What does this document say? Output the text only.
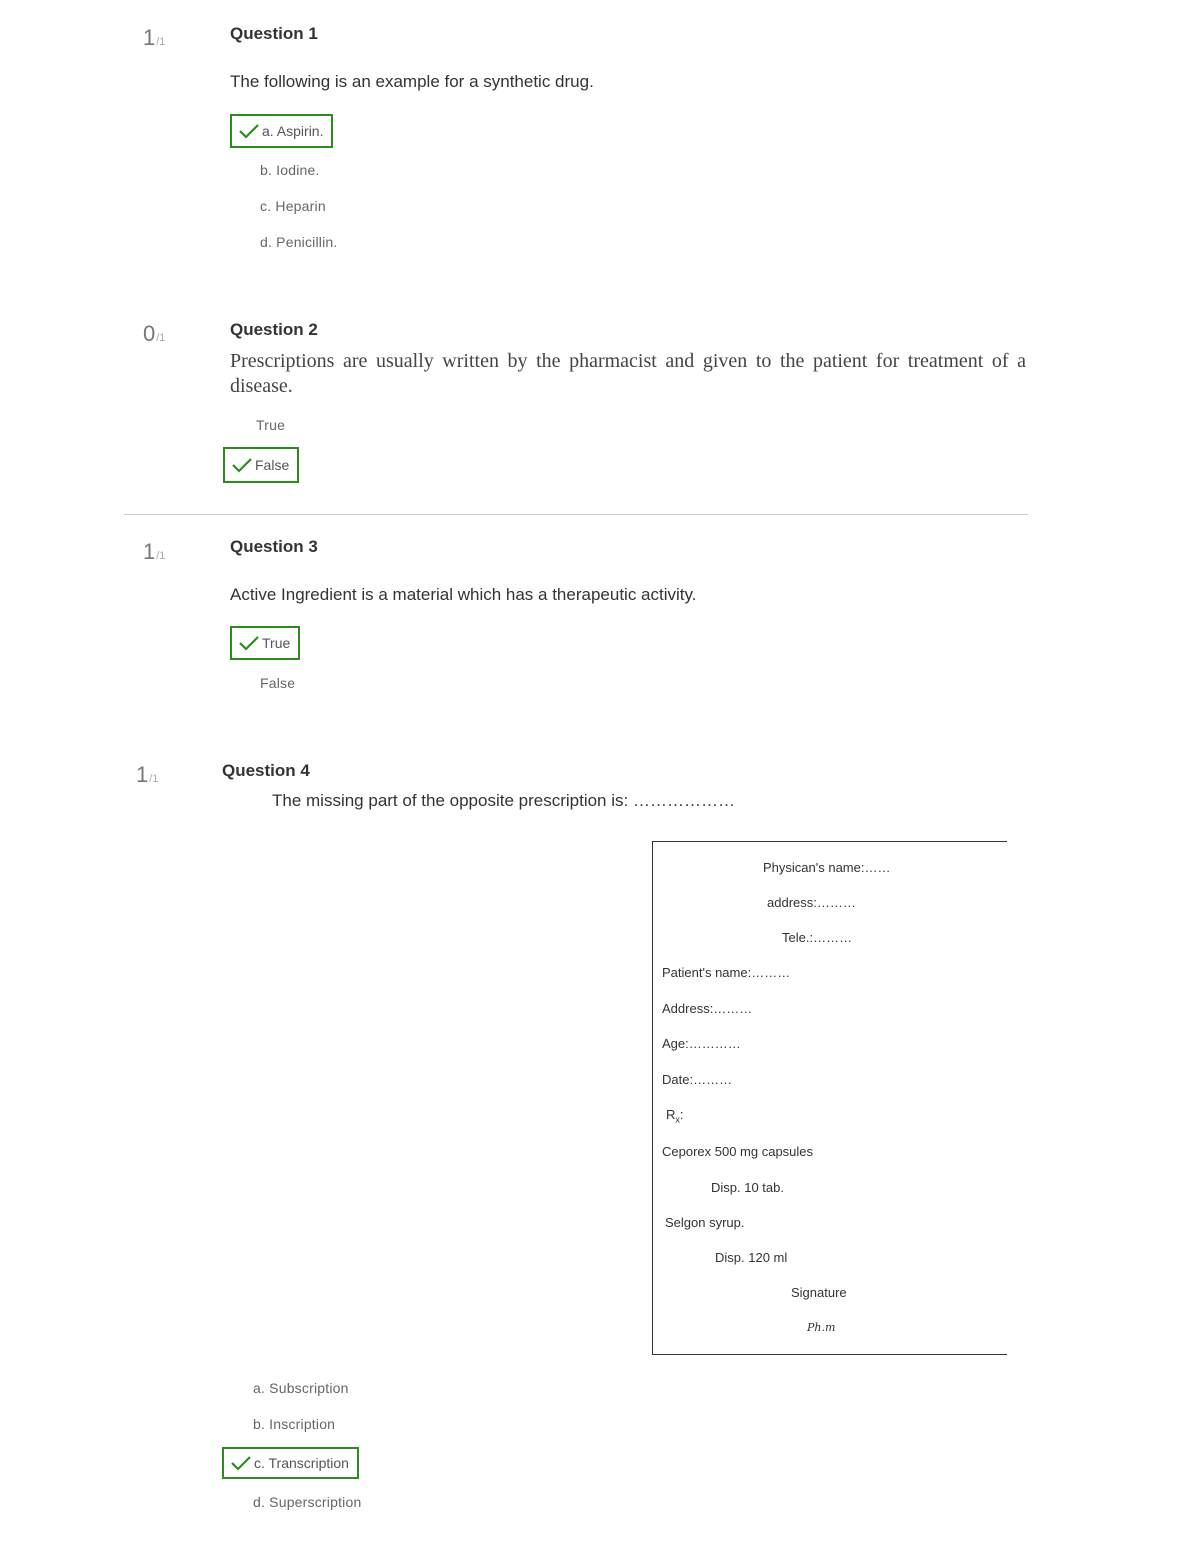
1/1	Question 1
The following is an example for a synthetic drug.
a. Aspirin.
b. Iodine.
c. Heparin
d. Penicillin.
0/1	Question 2
Prescriptions are usually written by the pharmacist and given to the patient for treatment of a disease.
True
False
1/1	Question 3
Active Ingredient is a material which has a therapeutic activity.
True
False
1/1	Question 4
The missing part of the opposite prescription is: ………………
Physican's name:……
address:………
Tele.:………
Patient's name:………
Address:………
Age:…………
Date:………
$R_x$:
Ceporex 500 mg capsules
Disp. 10 tab.
Selgon syrup.
Disp. 120 ml
Signature
Ph.m
a. Subscription
b. Inscription
c. Transcription
d. Superscription
